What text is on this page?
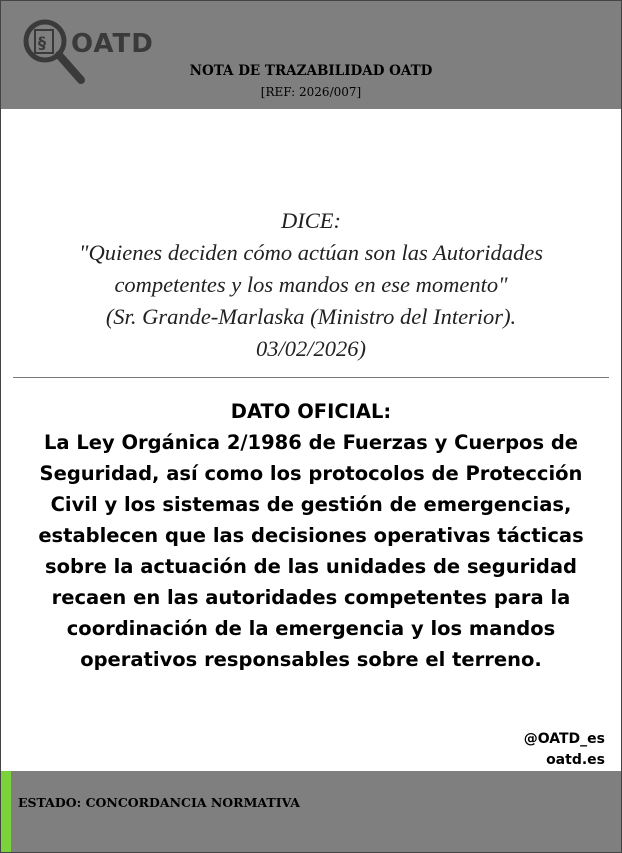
§ OATD
NOTA DE TRAZABILIDAD OATD
[REF: 2026/007]
DICE:
"Quienes deciden cómo actúan son las Autoridades
competentes y los mandos en ese momento"
(Sr. Grande-Marlaska (Ministro del Interior).
03/02/2026)
DATO OFICIAL:
La Ley Orgánica 2/1986 de Fuerzas y Cuerpos de
Seguridad, así como los protocolos de Protección
Civil y los sistemas de gestión de emergencias,
establecen que las decisiones operativas tácticas
sobre la actuación de las unidades de seguridad
recaen en las autoridades competentes para la
coordinación de la emergencia y los mandos
operativos responsables sobre el terreno.
@OATD_es
oatd.es
ESTADO: CONCORDANCIA NORMATIVA
